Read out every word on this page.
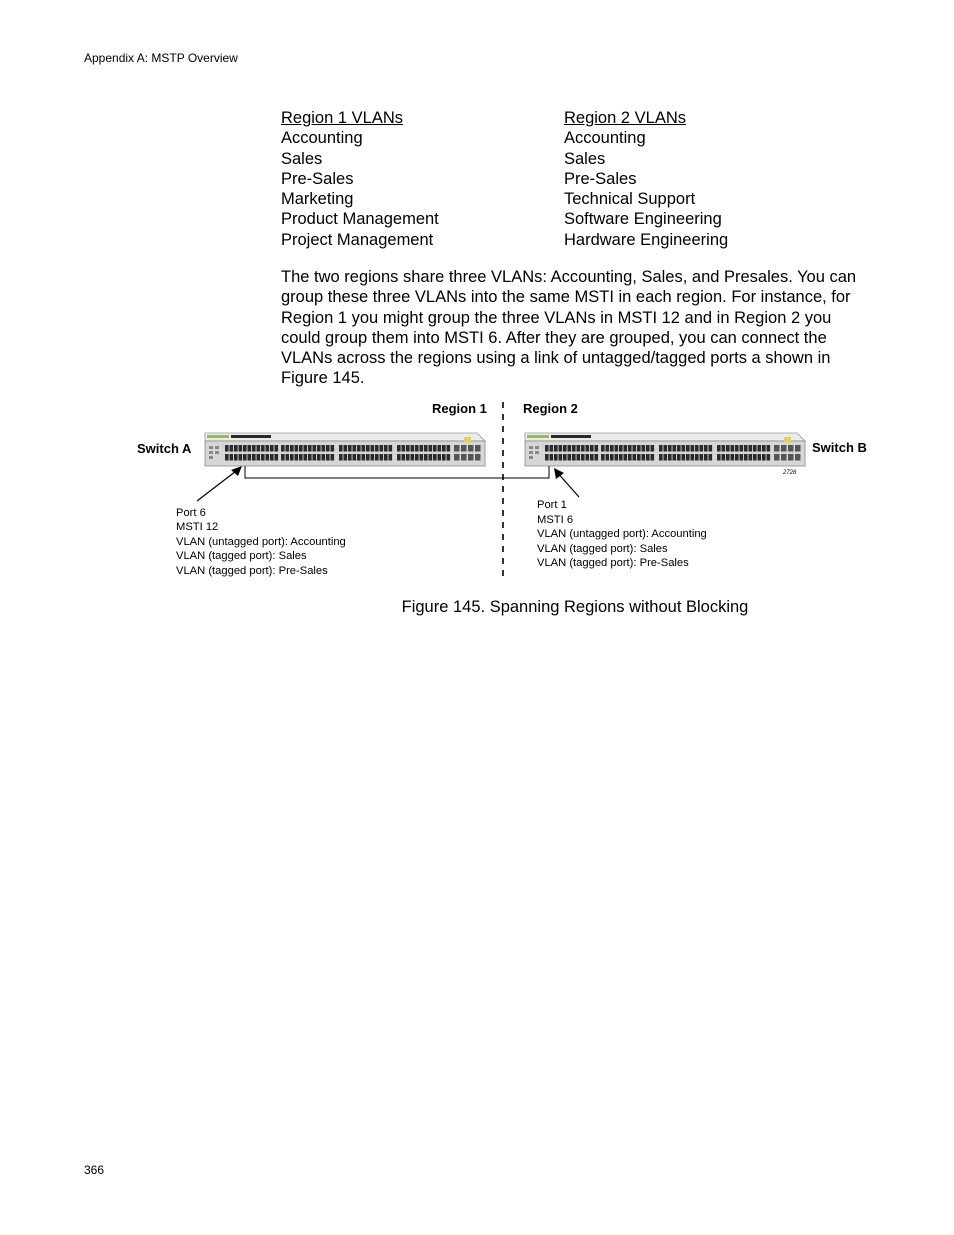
Appendix A: MSTP Overview
Region 1 VLANs
Accounting
Sales
Pre-Sales
Marketing
Product Management
Project Management
Region 2 VLANs
Accounting
Sales
Pre-Sales
Technical Support
Software Engineering
Hardware Engineering

The two regions share three VLANs: Accounting, Sales, and Presales. You can group these three VLANs into the same MSTI in each region. For instance, for Region 1 you might group the three VLANs in MSTI 12 and in Region 2 you could group them into MSTI 6. After they are grouped, you can connect the VLANs across the regions using a link of untagged/tagged ports a shown in Figure 145.

Region 1	Region 2
Switch A	Switch B
2726
Port 6
MSTI 12
VLAN (untagged port): Accounting
VLAN (tagged port): Sales
VLAN (tagged port): Pre-Sales
Port 1
MSTI 6
VLAN (untagged port): Accounting
VLAN (tagged port): Sales
VLAN (tagged port): Pre-Sales
Figure 145. Spanning Regions without Blocking
366
